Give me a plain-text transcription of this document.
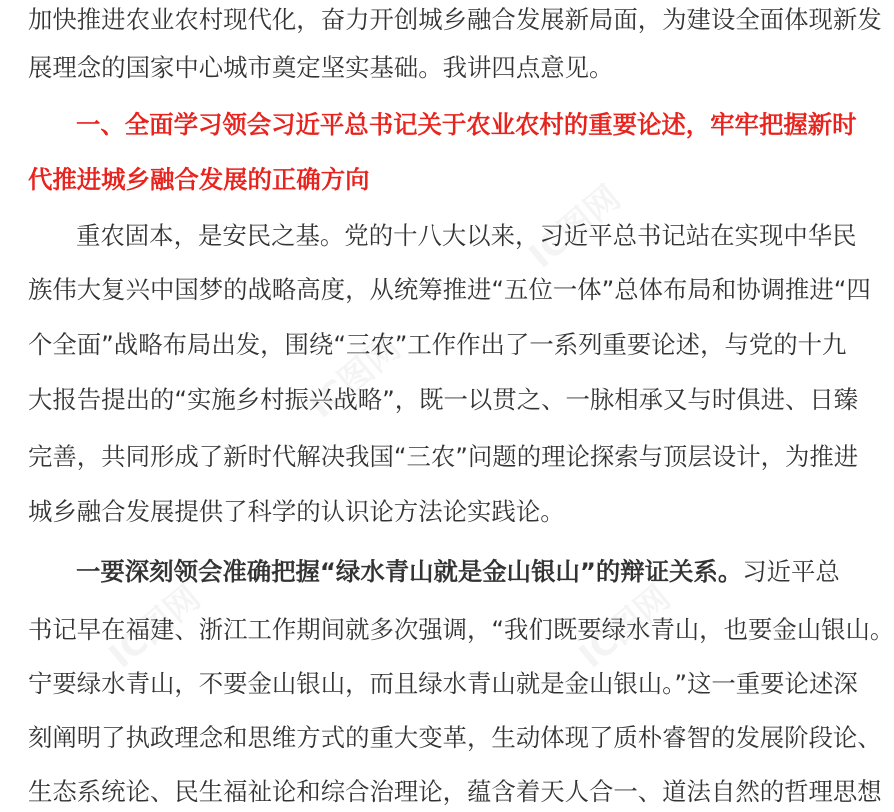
加快推进农业农村现代化，奋力开创城乡融合发展新局面，为建设全面体现新发
展理念的国家中心城市奠定坚实基础。我讲四点意见。
一、全面学习领会习近平总书记关于农业农村的重要论述，牢牢把握新时
代推进城乡融合发展的正确方向
重农固本，是安民之基。党的十八大以来，习近平总书记站在实现中华民
族伟大复兴中国梦的战略高度，从统筹推进“五位一体”总体布局和协调推进“四
个全面”战略布局出发，围绕“三农”工作作出了一系列重要论述，与党的十九
大报告提出的“实施乡村振兴战略”，既一以贯之、一脉相承又与时俱进、日臻
完善，共同形成了新时代解决我国“三农”问题的理论探索与顶层设计，为推进
城乡融合发展提供了科学的认识论方法论实践论。
一要深刻领会准确把握“绿水青山就是金山银山”的辩证关系。习近平总
书记早在福建、浙江工作期间就多次强调，“我们既要绿水青山，也要金山银山。
宁要绿水青山，不要金山银山，而且绿水青山就是金山银山。”这一重要论述深
刻阐明了执政理念和思维方式的重大变革，生动体现了质朴睿智的发展阶段论、
生态系统论、民生福祉论和综合治理论，蕴含着天人合一、道法自然的哲理思想
